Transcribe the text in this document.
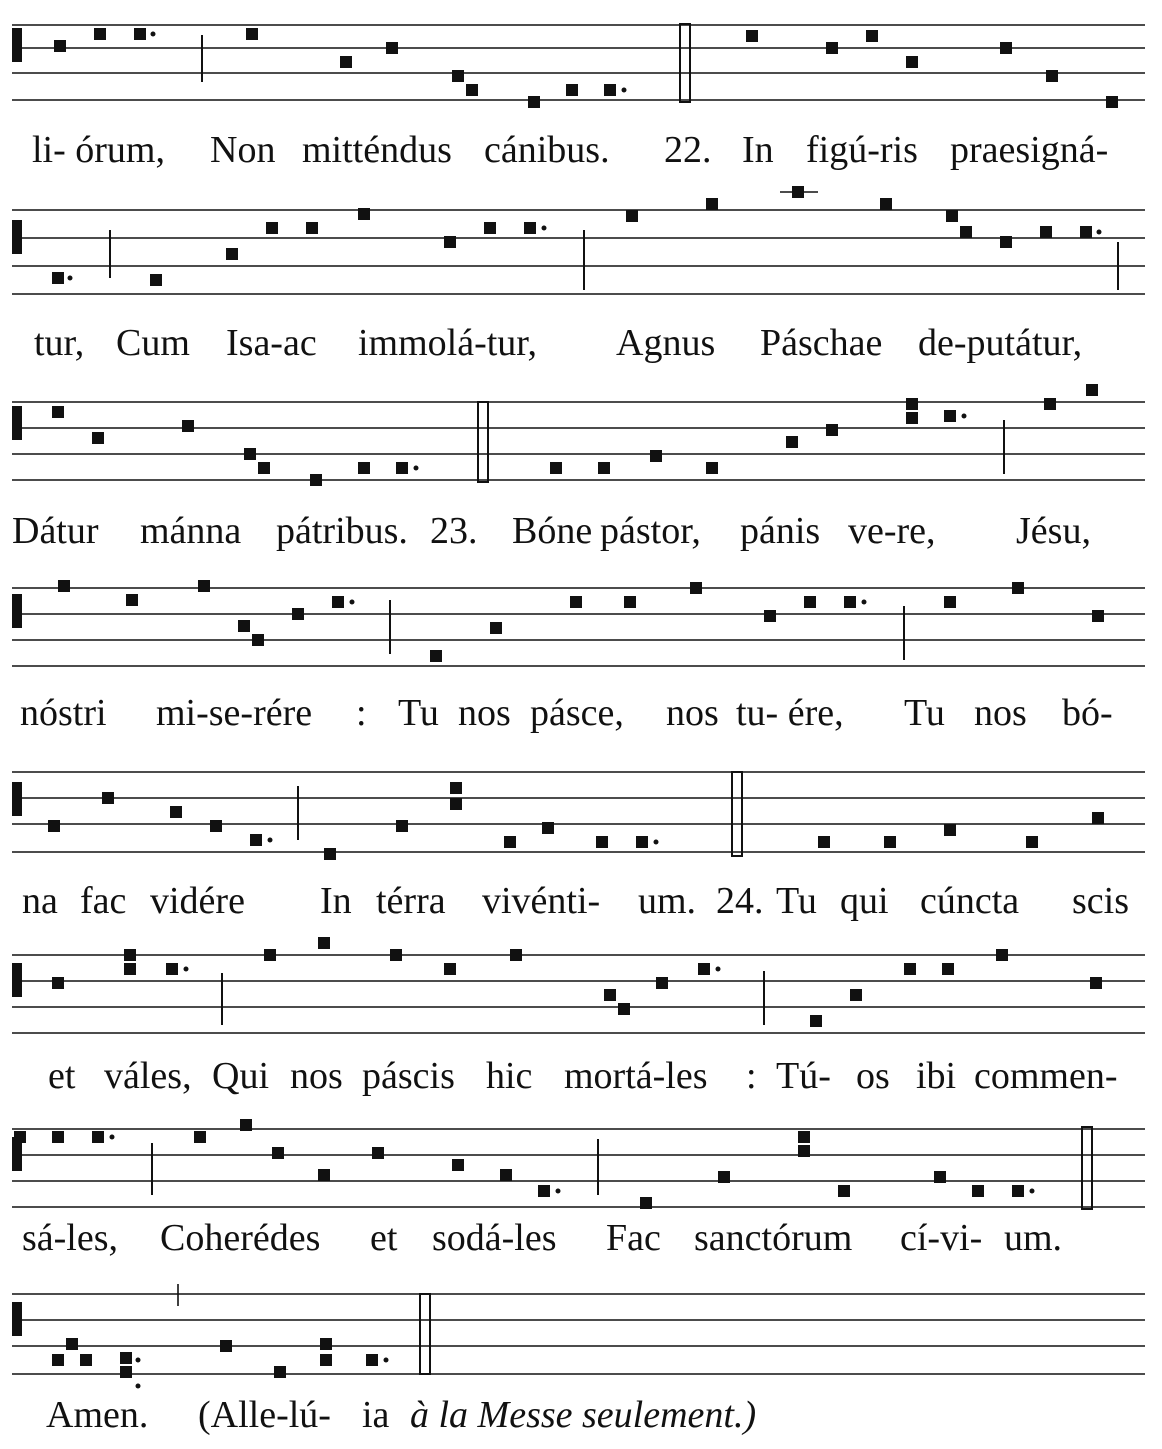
li- órum, Non mitténdus cánibus. 22. In figú-ris praesigná-
tur, Cum Isa-ac immolá-tur, Agnus Páschae de-putátur,
Dátur mánna pátribus. 23. Bóne pástor, pánis ve-re, Jésu,
nóstri mi-se-rére : Tu nos pásce, nos tu- ére, Tu nos bó-
na fac vidére In térra vivénti- um. 24. Tu qui cúncta scis
et váles, Qui nos páscis hic mortá-les : Tú- os ibi commen-
sá-les, Coherédes et sodá-les Fac sanctórum cí-vi- um.
Amen. (Alle-lú- ia à la Messe seulement.)
